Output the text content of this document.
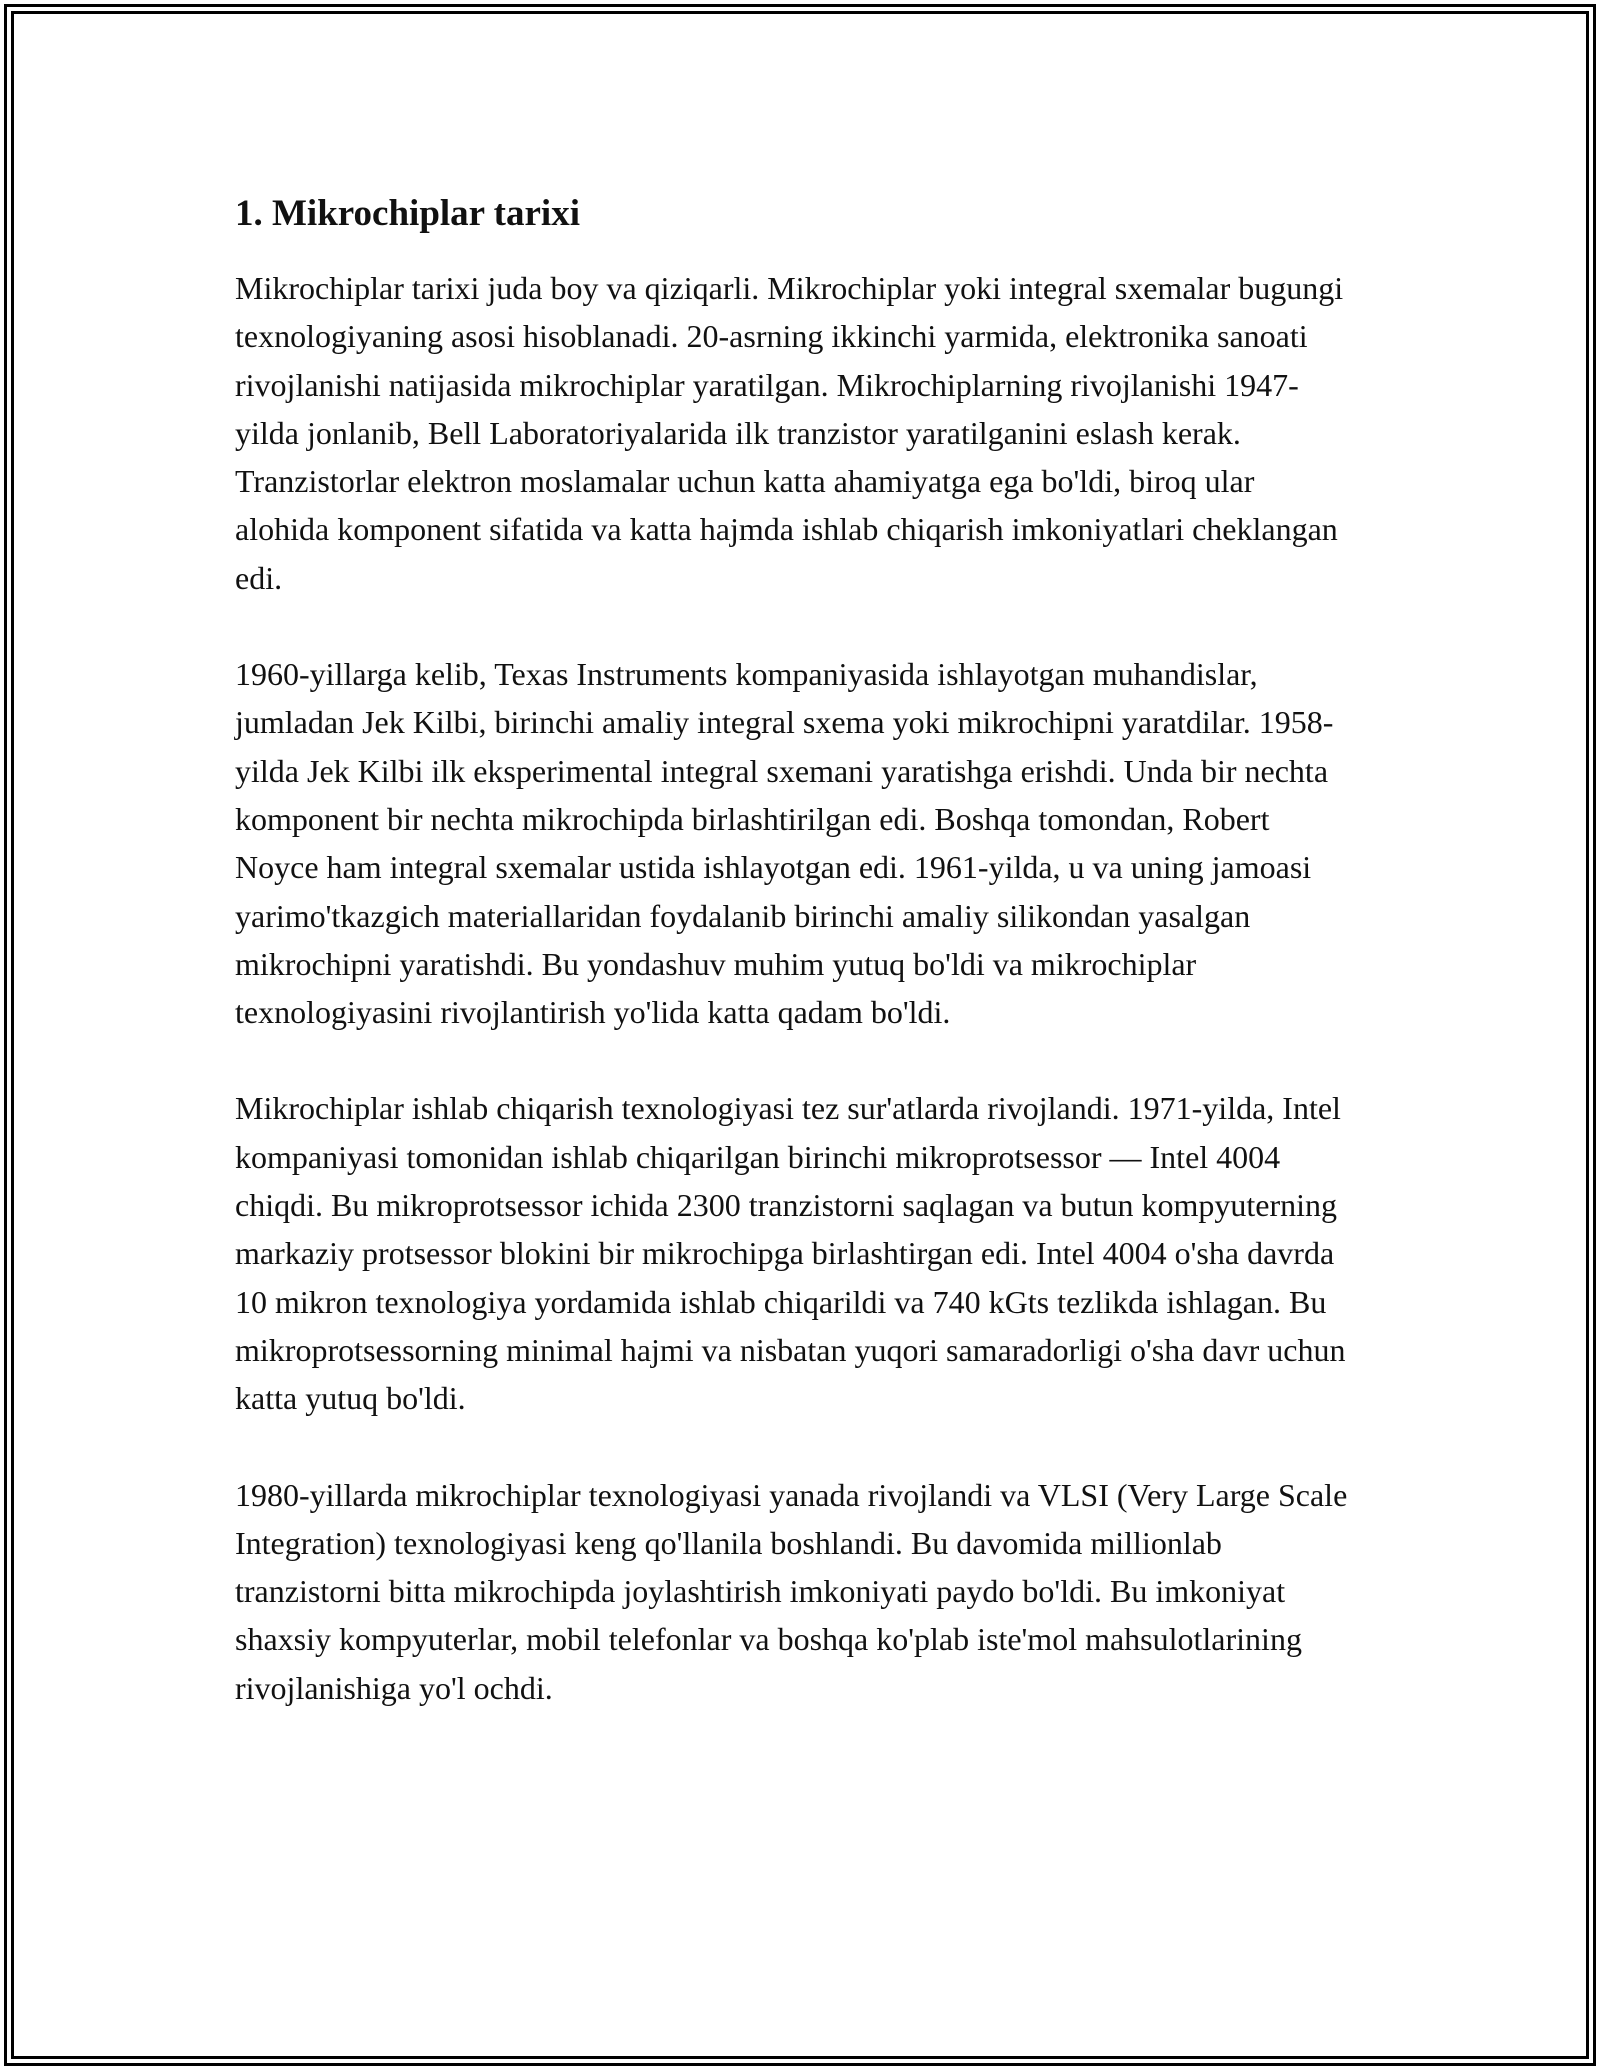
1. Mikrochiplar tarixi

Mikrochiplar tarixi juda boy va qiziqarli. Mikrochiplar yoki integral sxemalar bugungi texnologiyaning asosi hisoblanadi. 20-asrning ikkinchi yarmida, elektronika sanoati rivojlanishi natijasida mikrochiplar yaratilgan. Mikrochiplarning rivojlanishi 1947-yilda jonlanib, Bell Laboratoriyalarida ilk tranzistor yaratilganini eslash kerak. Tranzistorlar elektron moslamalar uchun katta ahamiyatga ega bo'ldi, biroq ular alohida komponent sifatida va katta hajmda ishlab chiqarish imkoniyatlari cheklangan edi.

1960-yillarga kelib, Texas Instruments kompaniyasida ishlayotgan muhandislar, jumladan Jek Kilbi, birinchi amaliy integral sxema yoki mikrochipni yaratdilar. 1958-yilda Jek Kilbi ilk eksperimental integral sxemani yaratishga erishdi. Unda bir nechta komponent bir nechta mikrochipda birlashtirilgan edi. Boshqa tomondan, Robert Noyce ham integral sxemalar ustida ishlayotgan edi. 1961-yilda, u va uning jamoasi yarimo'tkazgich materiallaridan foydalanib birinchi amaliy silikondan yasalgan mikrochipni yaratishdi. Bu yondashuv muhim yutuq bo'ldi va mikrochiplar texnologiyasini rivojlantirish yo'lida katta qadam bo'ldi.

Mikrochiplar ishlab chiqarish texnologiyasi tez sur'atlarda rivojlandi. 1971-yilda, Intel kompaniyasi tomonidan ishlab chiqarilgan birinchi mikroprotsessor — Intel 4004 chiqdi. Bu mikroprotsessor ichida 2300 tranzistorni saqlagan va butun kompyuterning markaziy protsessor blokini bir mikrochipga birlashtirgan edi. Intel 4004 o'sha davrda 10 mikron texnologiya yordamida ishlab chiqarildi va 740 kGts tezlikda ishlagan. Bu mikroprotsessorning minimal hajmi va nisbatan yuqori samaradorligi o'sha davr uchun katta yutuq bo'ldi.

1980-yillarda mikrochiplar texnologiyasi yanada rivojlandi va VLSI (Very Large Scale Integration) texnologiyasi keng qo'llanila boshlandi. Bu davomida millionlab tranzistorni bitta mikrochipda joylashtirish imkoniyati paydo bo'ldi. Bu imkoniyat shaxsiy kompyuterlar, mobil telefonlar va boshqa ko'plab iste'mol mahsulotlarining rivojlanishiga yo'l ochdi.
